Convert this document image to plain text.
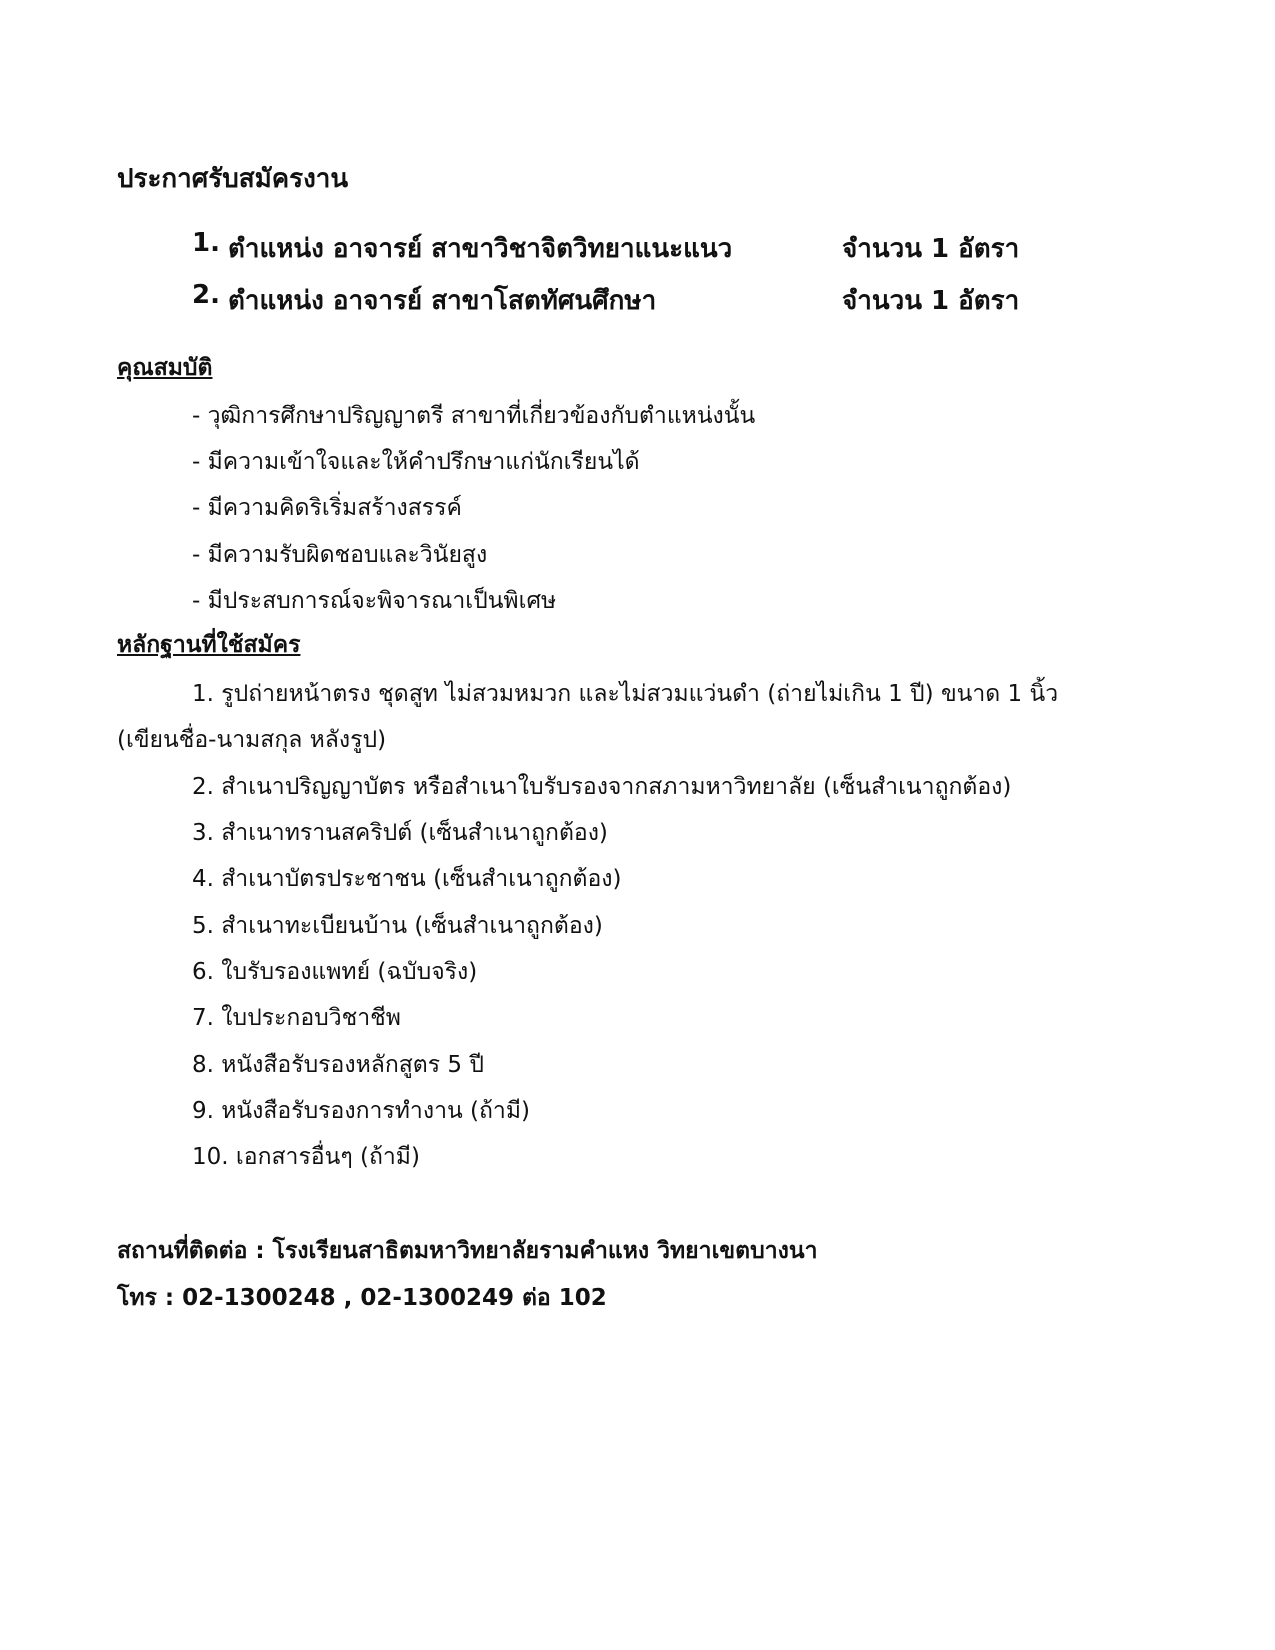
ประกาศรับสมัครงาน
1. ตำแหน่ง อาจารย์ สาขาวิชาจิตวิทยาแนะแนว	จำนวน 1 อัตรา
2. ตำแหน่ง อาจารย์ สาขาโสตทัศนศึกษา	จำนวน 1 อัตรา
คุณสมบัติ

- วุฒิการศึกษาปริญญาตรี สาขาที่เกี่ยวข้องกับตำแหน่งนั้น

- มีความเข้าใจและให้คำปรึกษาแก่นักเรียนได้

- มีความคิดริเริ่มสร้างสรรค์

- มีความรับผิดชอบและวินัยสูง

- มีประสบการณ์จะพิจารณาเป็นพิเศษ

หลักฐานที่ใช้สมัคร

1. รูปถ่ายหน้าตรง ชุดสูท ไม่สวมหมวก และไม่สวมแว่นดำ (ถ่ายไม่เกิน 1 ปี) ขนาด 1 นิ้ว

(เขียนชื่อ-นามสกุล หลังรูป)

2. สำเนาปริญญาบัตร หรือสำเนาใบรับรองจากสภามหาวิทยาลัย (เซ็นสำเนาถูกต้อง)

3. สำเนาทรานสคริปต์ (เซ็นสำเนาถูกต้อง)

4. สำเนาบัตรประชาชน (เซ็นสำเนาถูกต้อง)

5. สำเนาทะเบียนบ้าน (เซ็นสำเนาถูกต้อง)

6. ใบรับรองแพทย์ (ฉบับจริง)

7. ใบประกอบวิชาชีพ

8. หนังสือรับรองหลักสูตร 5 ปี

9. หนังสือรับรองการทำงาน (ถ้ามี)

10. เอกสารอื่นๆ (ถ้ามี)

สถานที่ติดต่อ : โรงเรียนสาธิตมหาวิทยาลัยรามคำแหง วิทยาเขตบางนา
โทร : 02-1300248 , 02-1300249 ต่อ 102
